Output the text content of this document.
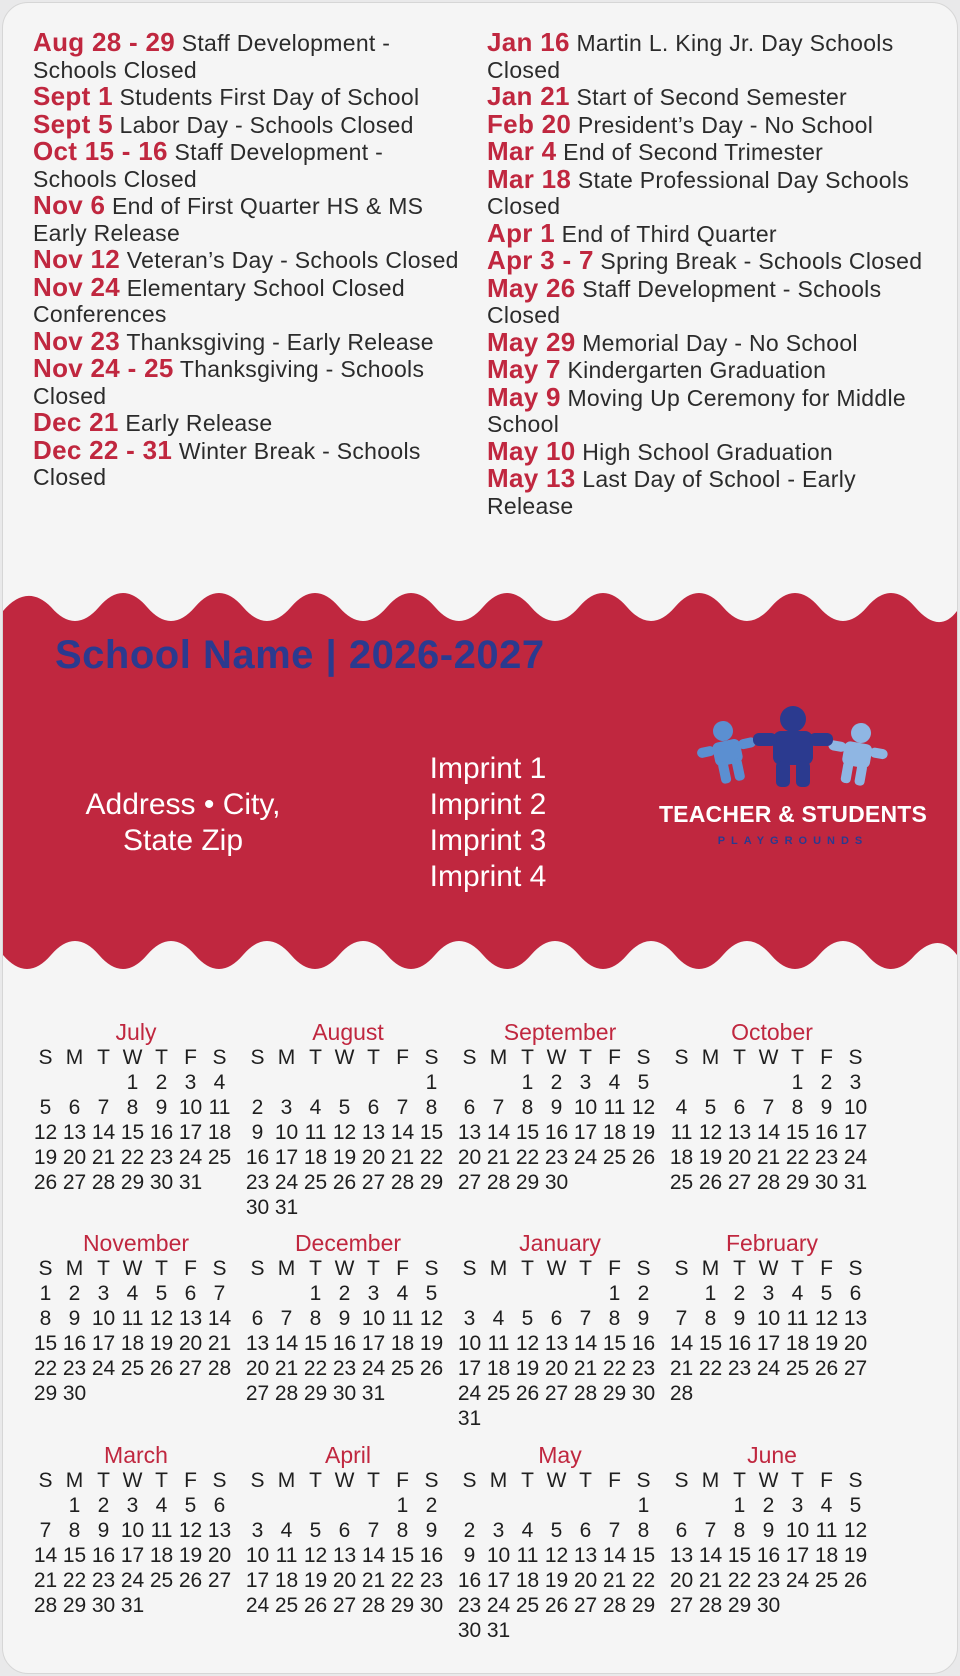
Aug 28 - 29 Staff Development - Schools Closed
Sept 1 Students First Day of School
Sept 5 Labor Day - Schools Closed
Oct 15 - 16 Staff Development - Schools Closed
Nov 6 End of First Quarter HS & MS Early Release
Nov 12 Veteran’s Day - Schools Closed
Nov 24 Elementary School Closed Conferences
Nov 23 Thanksgiving - Early Release
Nov 24 - 25 Thanksgiving - Schools Closed
Dec 21 Early Release
Dec 22 - 31 Winter Break - Schools Closed
Jan 16 Martin L. King Jr. Day Schools Closed
Jan 21 Start of Second Semester
Feb 20 President’s Day - No School
Mar 4 End of Second Trimester
Mar 18 State Professional Day Schools Closed
Apr 1 End of Third Quarter
Apr 3 - 7 Spring Break - Schools Closed
May 26 Staff Development - Schools Closed
May 29 Memorial Day - No School
May 7 Kindergarten Graduation
May 9 Moving Up Ceremony for Middle School
May 10 High School Graduation
May 13 Last Day of School - Early Release
School Name | 2026-2027
Address • City,
State Zip
Imprint 1
Imprint 2
Imprint 3
Imprint 4
TEACHER & STUDENTS
PLAYGROUNDS
July
S M T W T F S
1 2 3 4
5 6 7 8 9 10 11
12 13 14 15 16 17 18
19 20 21 22 23 24 25
26 27 28 29 30 31
August
S M T W T F S
1
2 3 4 5 6 7 8
9 10 11 12 13 14 15
16 17 18 19 20 21 22
23 24 25 26 27 28 29
30 31
September
S M T W T F S
1 2 3 4 5
6 7 8 9 10 11 12
13 14 15 16 17 18 19
20 21 22 23 24 25 26
27 28 29 30
October
S M T W T F S
1 2 3
4 5 6 7 8 9 10
11 12 13 14 15 16 17
18 19 20 21 22 23 24
25 26 27 28 29 30 31
November
S M T W T F S
1 2 3 4 5 6 7
8 9 10 11 12 13 14
15 16 17 18 19 20 21
22 23 24 25 26 27 28
29 30
December
S M T W T F S
1 2 3 4 5
6 7 8 9 10 11 12
13 14 15 16 17 18 19
20 21 22 23 24 25 26
27 28 29 30 31
January
S M T W T F S
1 2
3 4 5 6 7 8 9
10 11 12 13 14 15 16
17 18 19 20 21 22 23
24 25 26 27 28 29 30
31
February
S M T W T F S
1 2 3 4 5 6
7 8 9 10 11 12 13
14 15 16 17 18 19 20
21 22 23 24 25 26 27
28
March
S M T W T F S
1 2 3 4 5 6
7 8 9 10 11 12 13
14 15 16 17 18 19 20
21 22 23 24 25 26 27
28 29 30 31
April
S M T W T F S
1 2
3 4 5 6 7 8 9
10 11 12 13 14 15 16
17 18 19 20 21 22 23
24 25 26 27 28 29 30
May
S M T W T F S
1
2 3 4 5 6 7 8
9 10 11 12 13 14 15
16 17 18 19 20 21 22
23 24 25 26 27 28 29
30 31
June
S M T W T F S
1 2 3 4 5
6 7 8 9 10 11 12
13 14 15 16 17 18 19
20 21 22 23 24 25 26
27 28 29 30
